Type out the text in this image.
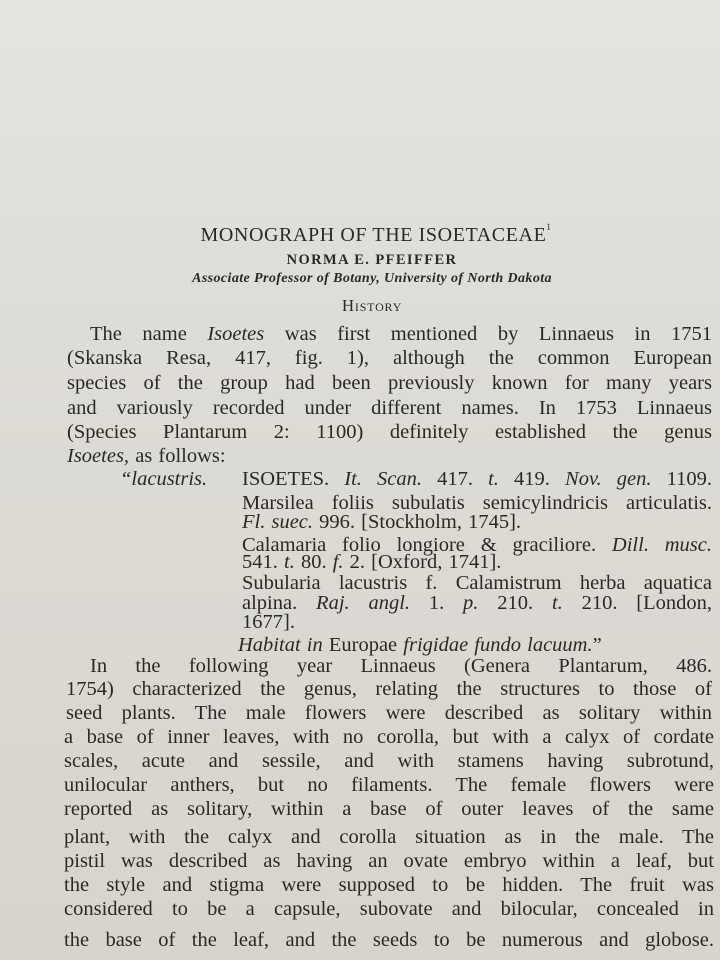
MONOGRAPH OF THE ISOETACEAE$^1$
NORMA E. PFEIFFER
Associate Professor of Botany, University of North Dakota
History
“lacustris.
The name Isoetes was first mentioned by Linnaeus in 1751
(Skanska Resa, 417, fig. 1), although the common European
species of the group had been previously known for many years
and variously recorded under different names. In 1753 Linnaeus
(Species Plantarum 2: 1100) definitely established the genus
Isoetes, as follows:
ISOETES. It. Scan. 417. t. 419. Nov. gen. 1109.
Marsilea foliis subulatis semicylindricis articulatis.
Fl. suec. 996. [Stockholm, 1745].
Calamaria folio longiore & graciliore. Dill. musc.
541. t. 80. f. 2. [Oxford, 1741].
Subularia lacustris f. Calamistrum herba aquatica
alpina. Raj. angl. 1. p. 210. t. 210. [London,
1677].
Habitat in Europae frigidae fundo lacuum.”
In the following year Linnaeus (Genera Plantarum, 486.
1754) characterized the genus, relating the structures to those of
seed plants. The male flowers were described as solitary within
a base of inner leaves, with no corolla, but with a calyx of cordate
scales, acute and sessile, and with stamens having subrotund,
unilocular anthers, but no filaments. The female flowers were
reported as solitary, within a base of outer leaves of the same
plant, with the calyx and corolla situation as in the male. The
pistil was described as having an ovate embryo within a leaf, but
the style and stigma were supposed to be hidden. The fruit was
considered to be a capsule, subovate and bilocular, concealed in
the base of the leaf, and the seeds to be numerous and globose.
